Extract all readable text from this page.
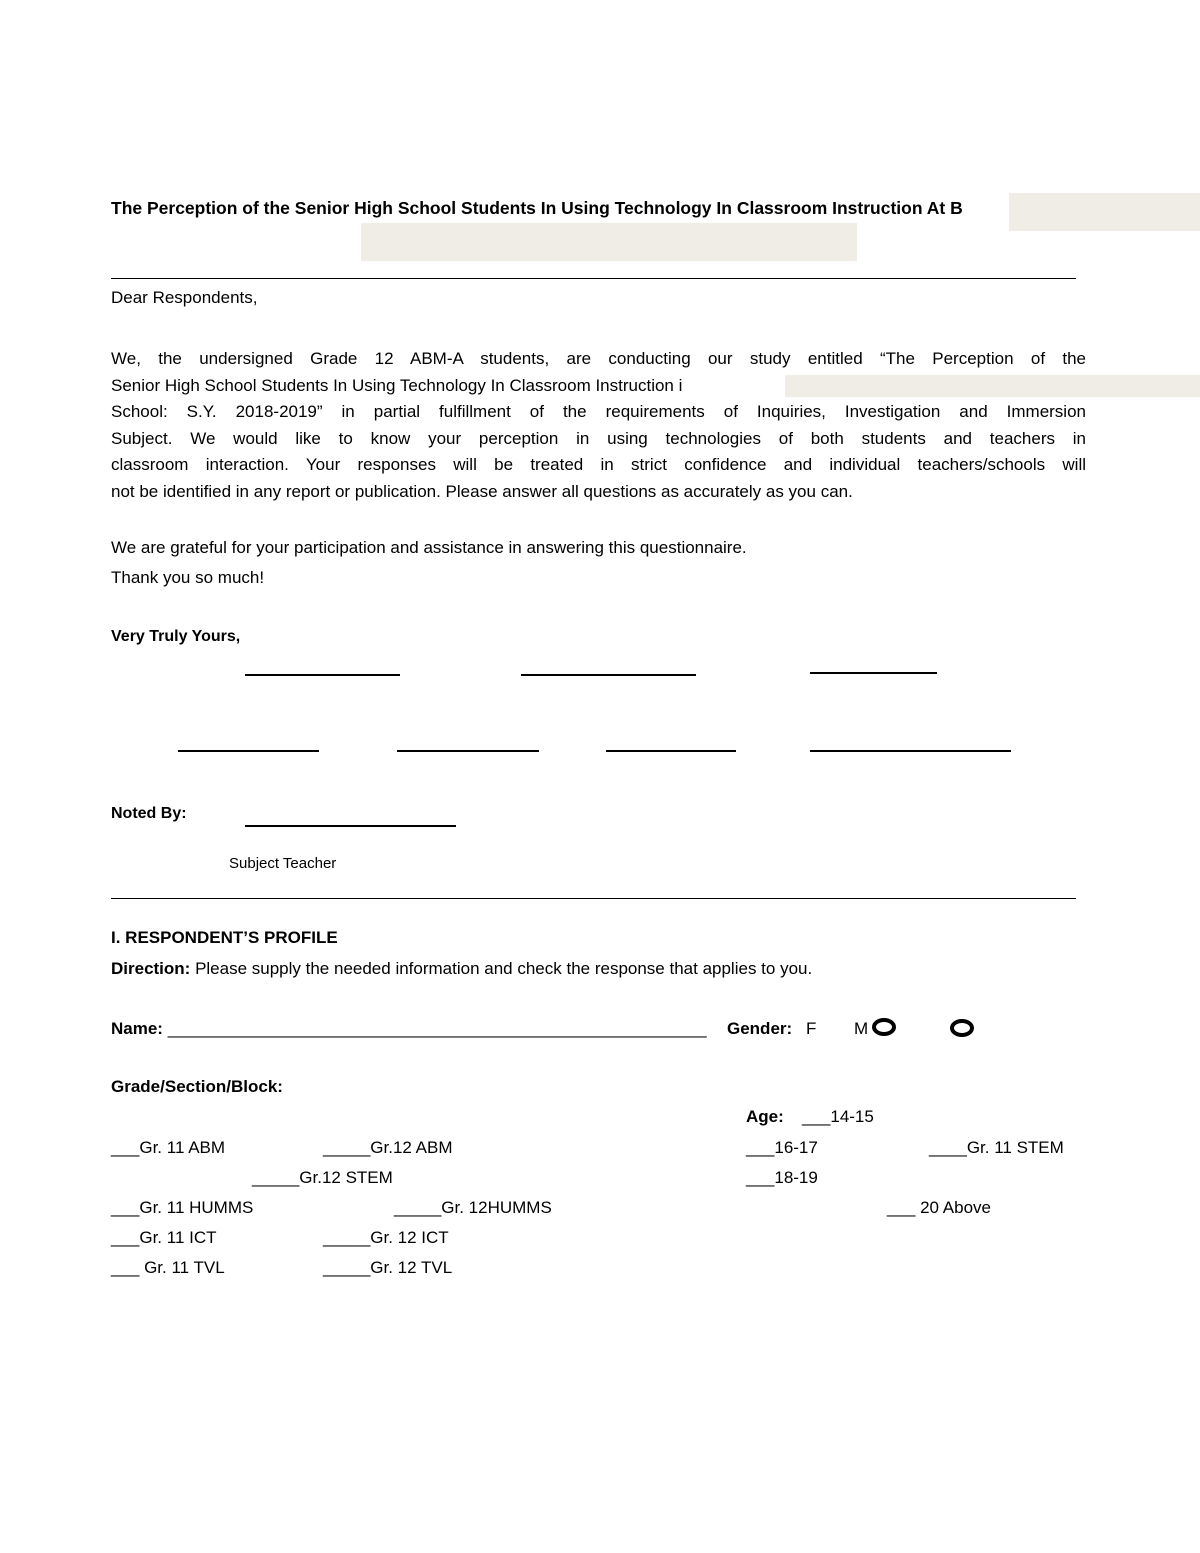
The Perception of the Senior High School Students In Using Technology In Classroom Instruction At B
Dear Respondents,
We, the undersigned Grade 12 ABM-A students, are conducting our study entitled “The Perception of the
Senior High School Students In Using Technology In Classroom Instruction i
School: S.Y. 2018-2019” in partial fulfillment of the requirements of Inquiries, Investigation and Immersion
Subject. We would like to know your perception in using technologies of both students and teachers in
classroom interaction. Your responses will be treated in strict confidence and individual teachers/schools will
not be identified in any report or publication. Please answer all questions as accurately as you can.
We are grateful for your participation and assistance in answering this questionnaire.
Thank you so much!
Very Truly Yours,
Noted By:
Subject Teacher
I. RESPONDENT’S PROFILE
Direction: Please supply the needed information and check the response that applies to you.
Name: _________________________________________________________ Gender: F M
Grade/Section/Block:
Age: ___14-15
___Gr. 11 ABM	_____Gr.12 ABM	___16-17	____Gr. 11 STEM
_____Gr.12 STEM	___18-19
___Gr. 11 HUMMS	_____Gr. 12HUMMS	___ 20 Above
___Gr. 11 ICT	_____Gr. 12 ICT
___ Gr. 11 TVL	_____Gr. 12 TVL
